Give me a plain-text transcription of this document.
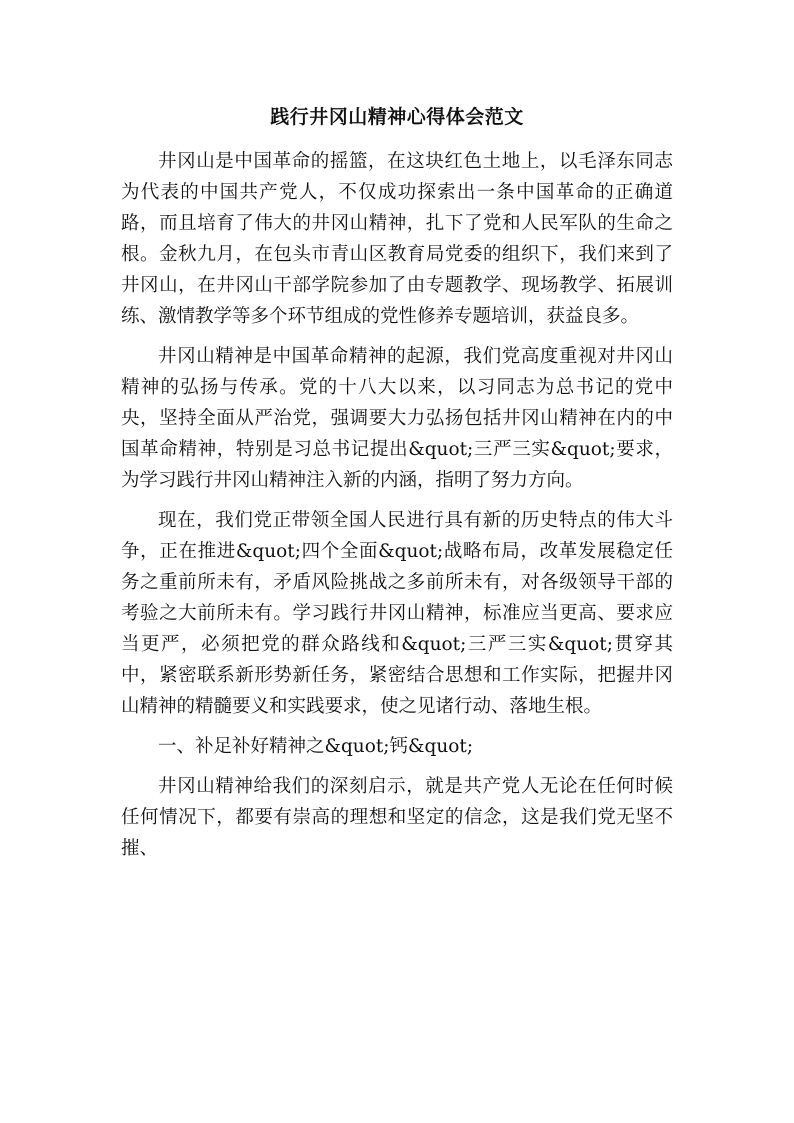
践行井冈山精神心得体会范文

井冈山是中国革命的摇篮，在这块红色土地上，以毛泽东同志为代表的中国共产党人，不仅成功探索出一条中国革命的正确道路，而且培育了伟大的井冈山精神，扎下了党和人民军队的生命之根。金秋九月，在包头市青山区教育局党委的组织下，我们来到了井冈山，在井冈山干部学院参加了由专题教学、现场教学、拓展训练、激情教学等多个环节组成的党性修养专题培训，获益良多。

井冈山精神是中国革命精神的起源，我们党高度重视对井冈山精神的弘扬与传承。党的十八大以来，以习同志为总书记的党中央，坚持全面从严治党，强调要大力弘扬包括井冈山精神在内的中国革命精神，特别是习总书记提出&quot;三严三实&quot;要求，为学习践行井冈山精神注入新的内涵，指明了努力方向。

现在，我们党正带领全国人民进行具有新的历史特点的伟大斗争，正在推进&quot;四个全面&quot;战略布局，改革发展稳定任务之重前所未有，矛盾风险挑战之多前所未有，对各级领导干部的考验之大前所未有。学习践行井冈山精神，标准应当更高、要求应当更严，必须把党的群众路线和&quot;三严三实&quot;贯穿其中，紧密联系新形势新任务，紧密结合思想和工作实际，把握井冈山精神的精髓要义和实践要求，使之见诸行动、落地生根。

一、补足补好精神之&quot;钙&quot;

井冈山精神给我们的深刻启示，就是共产党人无论在任何时候任何情况下，都要有崇高的理想和坚定的信念，这是我们党无坚不摧、
